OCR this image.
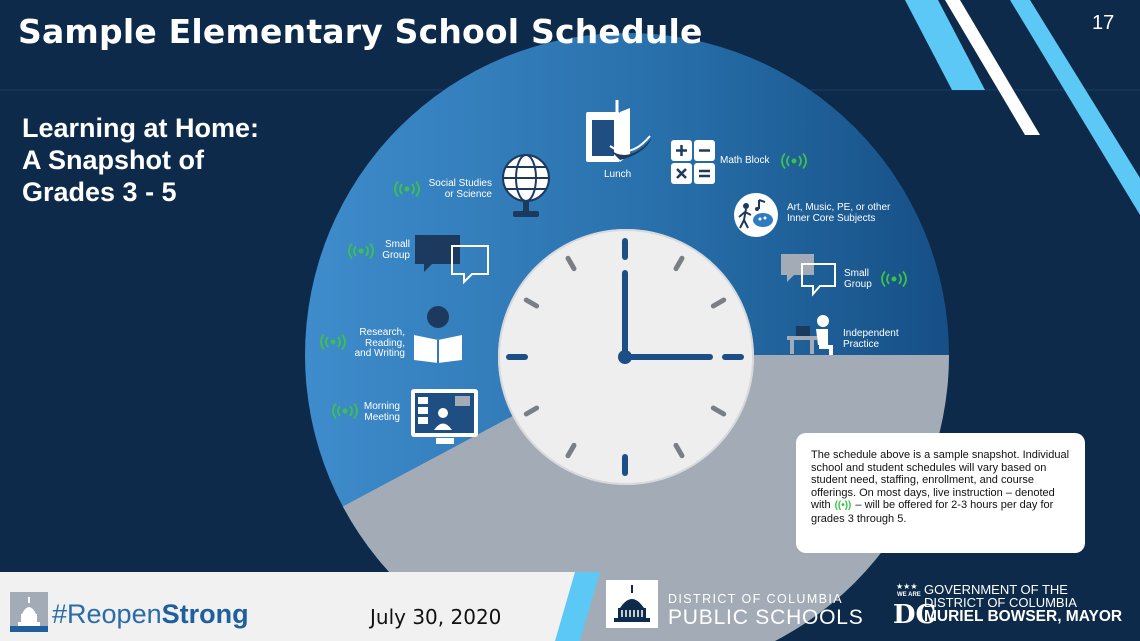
Sample Elementary School Schedule	17
Learning at Home:
A Snapshot of
Grades 3 - 5
Morning
Meeting
Research,
Reading,
and Writing
Small
Group
Social Studies
or Science
Lunch
Math Block
Art, Music, PE, or other
Inner Core Subjects
Small
Group
Independent
Practice
The schedule above is a sample snapshot. Individual school and student schedules will vary based on student need, staffing, enrollment, and course offerings. On most days, live instruction – denoted with ((•)) – will be offered for 2-3 hours per day for grades 3 through 5.
#ReopenStrong	July 30, 2020
DISTRICT OF COLUMBIA
PUBLIC SCHOOLS
★★★
WE ARE
DC
GOVERNMENT OF THE
DISTRICT OF COLUMBIA
MURIEL BOWSER, MAYOR
